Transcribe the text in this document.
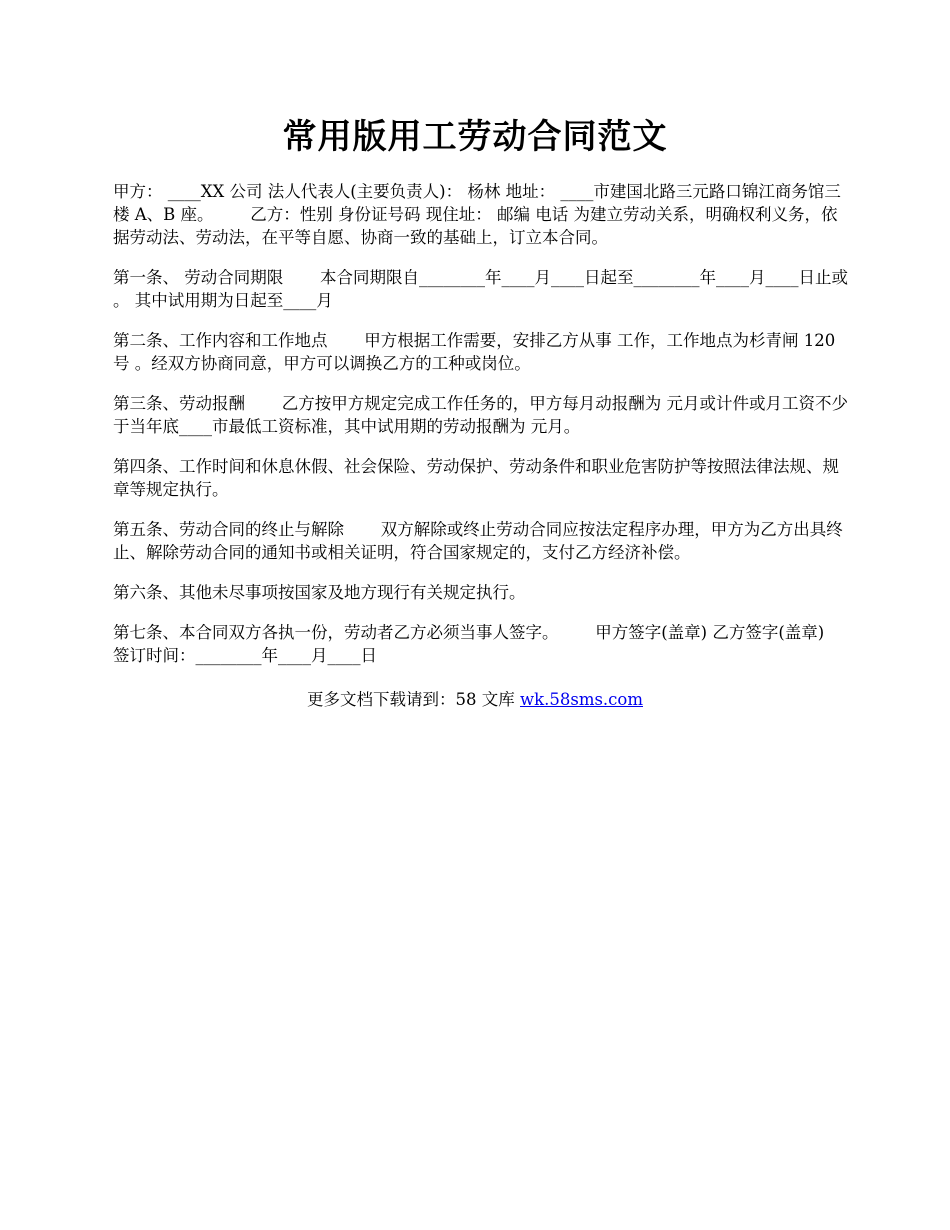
常用版用工劳动合同范文

甲方： ____XX 公司 法人代表人(主要负责人)： 杨林 地址： ____市建国北路三元路口锦江商务馆三楼 A、B 座。       乙方：性别 身份证号码 现住址： 邮编 电话 为建立劳动关系，明确权利义务，依据劳动法、劳动法，在平等自愿、协商一致的基础上，订立本合同。

第一条、 劳动合同期限       本合同期限自________年____月____日起至________年____月____日止或 。 其中试用期为日起至____月

第二条、工作内容和工作地点       甲方根据工作需要，安排乙方从事 工作，工作地点为杉青闸 120 号 。经双方协商同意，甲方可以调换乙方的工种或岗位。

第三条、劳动报酬       乙方按甲方规定完成工作任务的，甲方每月动报酬为 元月或计件或月工资不少于当年底____市最低工资标准，其中试用期的劳动报酬为 元月。

第四条、工作时间和休息休假、社会保险、劳动保护、劳动条件和职业危害防护等按照法律法规、规章等规定执行。

第五条、劳动合同的终止与解除       双方解除或终止劳动合同应按法定程序办理，甲方为乙方出具终止、解除劳动合同的通知书或相关证明，符合国家规定的，支付乙方经济补偿。

第六条、其他未尽事项按国家及地方现行有关规定执行。

第七条、本合同双方各执一份，劳动者乙方必须当事人签字。       甲方签字(盖章) 乙方签字(盖章)      签订时间：________年____月____日

更多文档下载请到：58 文库 wk.58sms.com
